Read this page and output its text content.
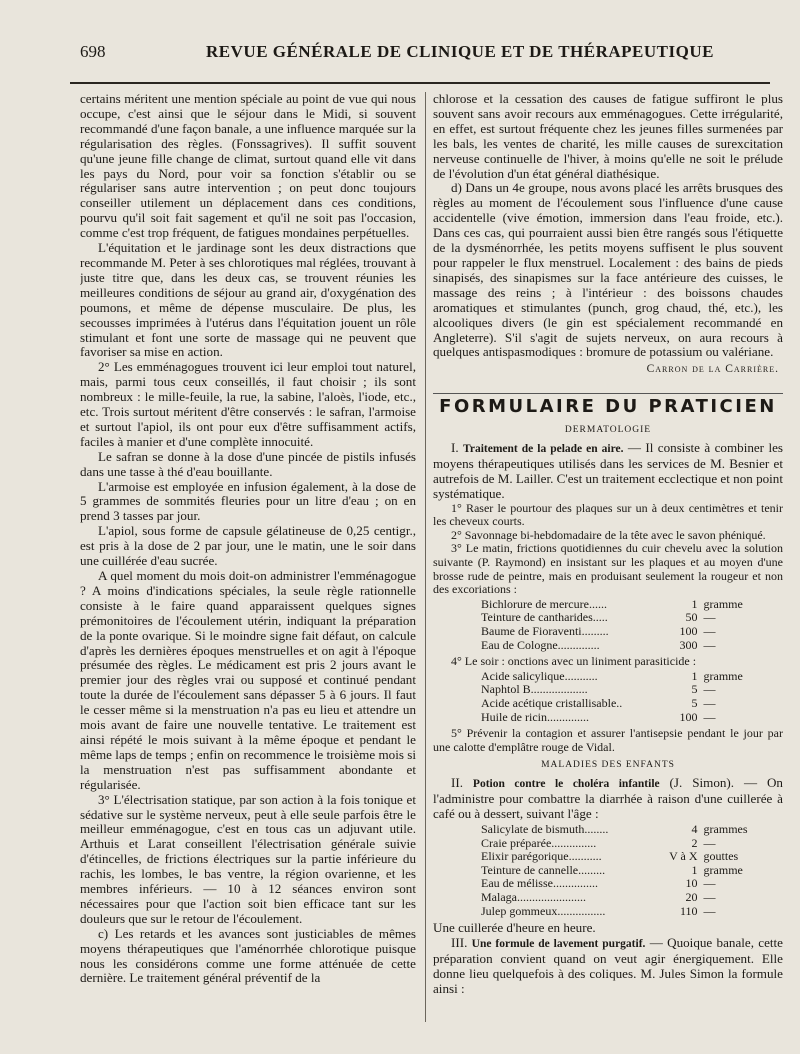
698	REVUE GÉNÉRALE DE CLINIQUE ET DE THÉRAPEUTIQUE

certains méritent une mention spéciale au point de vue qui nous occupe, c'est ainsi que le séjour dans le Midi, si souvent recommandé d'une façon banale, a une influence marquée sur la régularisation des règles. (Fonssagrives). Il suffit souvent qu'une jeune fille change de climat, surtout quand elle vit dans les pays du Nord, pour voir sa fonction s'établir ou se régulariser sans autre intervention ; on peut donc toujours conseiller utilement un déplacement dans ces conditions, pourvu qu'il soit fait sagement et qu'il ne soit pas l'occasion, comme c'est trop fréquent, de fatigues mondaines perpétuelles.

L'équitation et le jardinage sont les deux distractions que recommande M. Peter à ses chlorotiques mal réglées, trouvant à juste titre que, dans les deux cas, se trouvent réunies les meilleures conditions de séjour au grand air, d'oxygénation des poumons, et même de dépense musculaire. De plus, les secousses imprimées à l'utérus dans l'équitation jouent un rôle stimulant et font une sorte de massage qui ne peuvent que favoriser sa mise en action.

2° Les emménagogues trouvent ici leur emploi tout naturel, mais, parmi tous ceux conseillés, il faut choisir ; ils sont nombreux : le mille-feuile, la rue, la sabine, l'aloès, l'iode, etc., etc. Trois surtout méritent d'être conservés : le safran, l'armoise et surtout l'apiol, ils ont pour eux d'être suffisamment actifs, faciles à manier et d'une complète innocuité.

Le safran se donne à la dose d'une pincée de pistils infusés dans une tasse à thé d'eau bouillante.

L'armoise est employée en infusion également, à la dose de 5 grammes de sommités fleuries pour un litre d'eau ; on en prend 3 tasses par jour.

L'apiol, sous forme de capsule gélatineuse de 0,25 centigr., est pris à la dose de 2 par jour, une le matin, une le soir dans une cuillérée d'eau sucrée.

A quel moment du mois doit-on administrer l'emménagogue ? A moins d'indications spéciales, la seule règle rationnelle consiste à le faire quand apparaissent quelques signes prémonitoires de l'écoulement utérin, indiquant la préparation de la ponte ovarique. Si le moindre signe fait défaut, on calcule d'après les dernières époques menstruelles et on agit à l'époque présumée des règles. Le médicament est pris 2 jours avant le premier jour des règles vrai ou supposé et continué pendant toute la durée de l'écoulement sans dépasser 5 à 6 jours. Il faut le cesser même si la menstruation n'a pas eu lieu et attendre un mois avant de faire une nouvelle tentative. Le traitement est ainsi répété le mois suivant à la même époque et pendant le même laps de temps ; enfin on recommence le troisième mois si la menstruation n'est pas suffisamment abondante et régularisée.

3° L'électrisation statique, par son action à la fois tonique et sédative sur le système nerveux, peut à elle seule parfois être le meilleur emménagogue, c'est en tous cas un adjuvant utile. Arthuis et Larat conseillent l'électrisation générale suivie d'étincelles, de frictions électriques sur la partie inférieure du rachis, les lombes, le bas ventre, la région ovarienne, et les membres inférieurs. — 10 à 12 séances environ sont nécessaires pour que l'action soit bien efficace tant sur les douleurs que sur le retour de l'écoulement.

c) Les retards et les avances sont justiciables de mêmes moyens thérapeutiques que l'aménorrhée chlorotique puisque nous les considérons comme une forme atténuée de cette dernière. Le traitement général préventif de la

chlorose et la cessation des causes de fatigue suffiront le plus souvent sans avoir recours aux emménagogues. Cette irrégularité, en effet, est surtout fréquente chez les jeunes filles surmenées par les bals, les ventes de charité, les mille causes de surexcitation nerveuse continuelle de l'hiver, à moins qu'elle ne soit le prélude de l'évolution d'un état général diathésique.

d) Dans un 4e groupe, nous avons placé les arrêts brusques des règles au moment de l'écoulement sous l'influence d'une cause accidentelle (vive émotion, immersion dans l'eau froide, etc.). Dans ces cas, qui pourraient aussi bien être rangés sous l'étiquette de la dysménorrhée, les petits moyens suffisent le plus souvent pour rappeler le flux menstruel. Localement : des bains de pieds sinapisés, des sinapismes sur la face antérieure des cuisses, le massage des reins ; à l'intérieur : des boissons chaudes aromatiques et stimulantes (punch, grog chaud, thé, etc.), les alcooliques divers (le gin est spécialement recommandé en Angleterre). S'il s'agit de sujets nerveux, on aura recours à quelques antispasmodiques : bromure de potassium ou valériane.

Carron de la Carrière.

FORMULAIRE DU PRATICIEN
DERMATOLOGIE

I. Traitement de la pelade en aire. — Il consiste à combiner les moyens thérapeutiques utilisés dans les services de M. Besnier et autrefois de M. Lailler. C'est un traitement ecclectique et non point systématique.

1° Raser le pourtour des plaques sur un à deux centimètres et tenir les cheveux courts.

2° Savonnage bi-hebdomadaire de la tête avec le savon phéniqué.

3° Le matin, frictions quotidiennes du cuir chevelu avec la solution suivante (P. Raymond) en insistant sur les plaques et au moyen d'une brosse rude de peintre, mais en produisant seulement la rougeur et non des excoriations :

Bichlorure de mercure......	1	gramme
Teinture de cantharides.....	50	—
Baume de Fioraventi.........	100	—
Eau de Cologne..............	300	—

4° Le soir : onctions avec un liniment parasiticide :

Acide salicylique...........	1	gramme
Naphtol B...................	5	—
Acide acétique cristallisable..	5	—
Huile de ricin..............	100	—

5° Prévenir la contagion et assurer l'antisepsie pendant le jour par une calotte d'emplâtre rouge de Vidal.

MALADIES DES ENFANTS

II. Potion contre le choléra infantile (J. Simon). — On l'administre pour combattre la diarrhée à raison d'une cuillerée à café ou à dessert, suivant l'âge :

Salicylate de bismuth........	4	grammes
Craie préparée...............	2	—
Elixir parégorique...........	V à X	gouttes
Teinture de cannelle.........	1	gramme
Eau de mélisse...............	10	—
Malaga.......................	20	—
Julep gommeux................	110	—

Une cuillerée d'heure en heure.

III. Une formule de lavement purgatif. — Quoique banale, cette préparation convient quand on veut agir énergiquement. Elle donne lieu quelquefois à des coliques. M. Jules Simon la formule ainsi :
